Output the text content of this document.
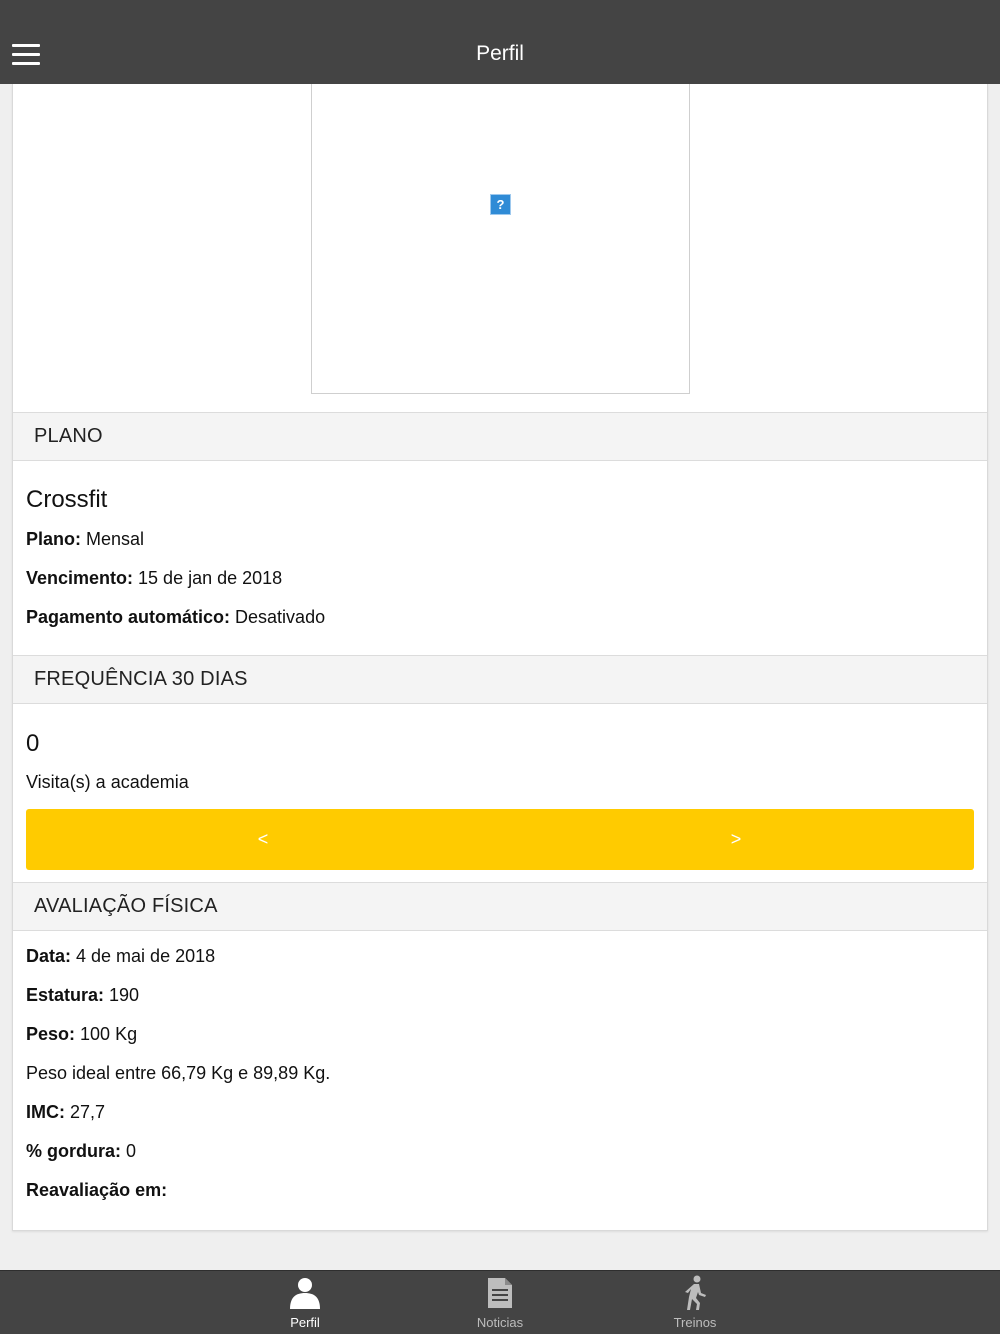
Perfil
?
PLANO
Crossfit
Plano: Mensal
Vencimento: 15 de jan de 2018
Pagamento automático: Desativado
FREQUÊNCIA 30 DIAS
0
Visita(s) a academia
<	>
AVALIAÇÃO FÍSICA
Data: 4 de mai de 2018
Estatura: 190
Peso: 100 Kg
Peso ideal entre 66,79 Kg e 89,89 Kg.
IMC: 27,7
% gordura: 0
Reavaliação em:
Perfil	Noticias	Treinos
